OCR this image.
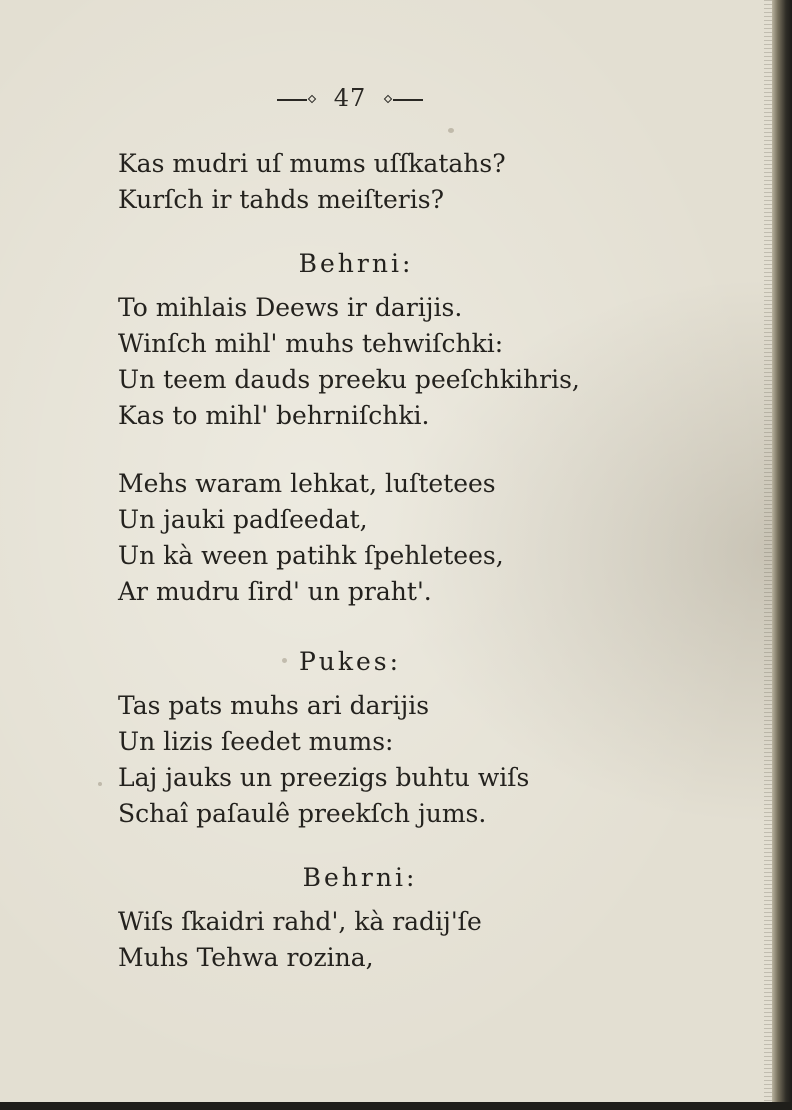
47
Kas mudri uſ mums uſſkatahs?
Kurſch ir tahds meiſteris?
Behrni:
To mihlais Deews ir darijis.
Winſch mihl' muhs tehwiſchki:
Un teem dauds preeku peeſchkihris,
Kas to mihl' behrniſchki.
Mehs waram lehkat, luſtetees
Un jauki padſeedat,
Un kà ween patihk ſpehletees,
Ar mudru ſird' un praht'.
Pukes:
Tas pats muhs ari darijis
Un lizis ſeedet mums:
Laj jauks un preezigs buhtu wiſs
Schaî paſaulê preekſch jums.
Behrni:
Wiſs ſkaidri rahd', kà radij'ſe
Muhs Tehwa rozina,
